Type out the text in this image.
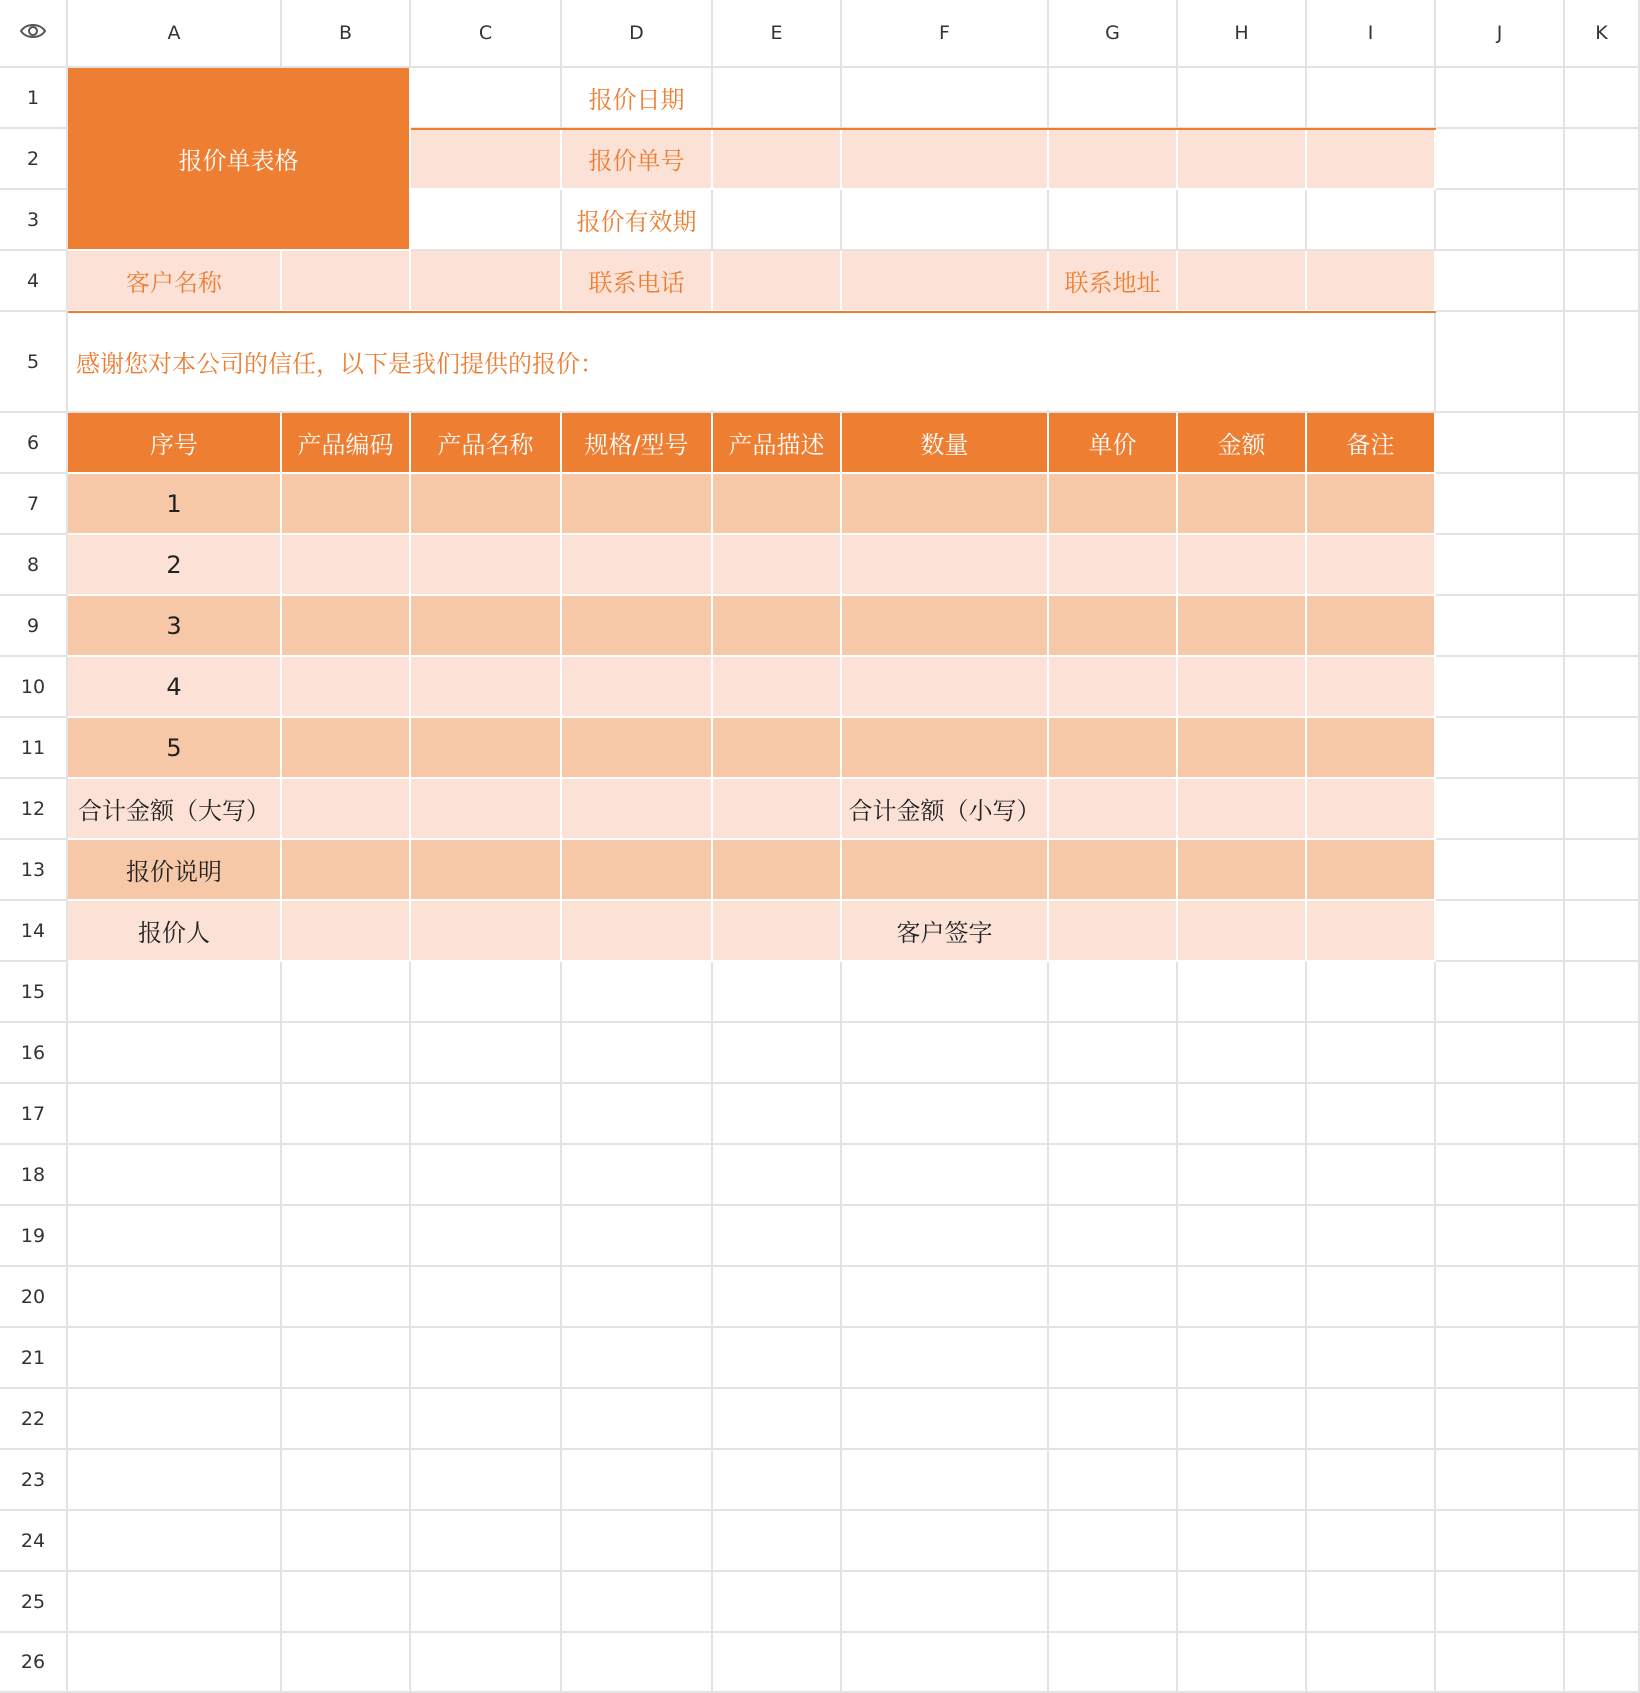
A	B	C	D	E	F	G	H	I	J	K
1
2
3
4
5
6
7
8
9
10
11
12
13
14
15
16
17
18
19
20
21
22
23
24
25
26
报价单表格
报价日期
报价单号
报价有效期
客户名称	联系电话	联系地址
感谢您对本公司的信任，以下是我们提供的报价：
序号	产品编码	产品名称	规格/型号	产品描述	数量	单价	金额	备注
1
2
3
4
5
合计金额（大写）	合计金额（小写）
报价说明
报价人	客户签字
